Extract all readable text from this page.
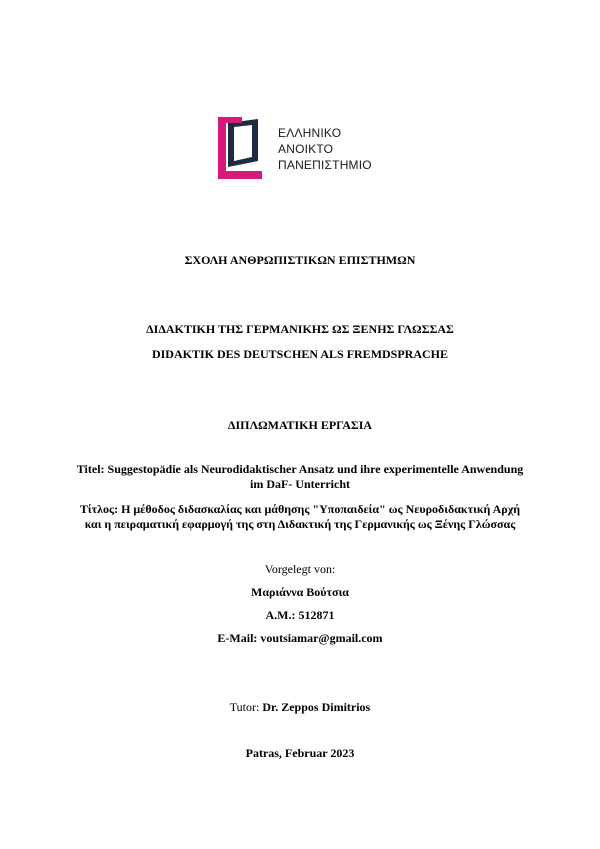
ΕΛΛΗΝΙΚΟ
ΑΝΟΙΚΤΟ
ΠΑΝΕΠΙΣΤΗΜΙΟ
ΣΧΟΛΗ ΑΝΘΡΩΠΙΣΤΙΚΩΝ ΕΠΙΣΤΗΜΩΝ
ΔΙΔΑΚΤΙΚΗ ΤΗΣ ΓΕΡΜΑΝΙΚΗΣ ΩΣ ΞΕΝΗΣ ΓΛΩΣΣΑΣ
DIDAKTIK DES DEUTSCHEN ALS FREMDSPRACHE
ΔΙΠΛΩΜΑΤΙΚΗ ΕΡΓΑΣΙΑ
Titel: Suggestopädie als Neurodidaktischer Ansatz und ihre experimentelle Anwendung
im DaF- Unterricht
Τίτλος: Η μέθοδος διδασκαλίας και μάθησης "Υποπαιδεία" ως Νευροδιδακτική Αρχή
και η πειραματική εφαρμογή της στη Διδακτική της Γερμανικής ως Ξένης Γλώσσας
Vorgelegt von:
Μαριάννα Βούτσια
A.M.: 512871
E-Mail: voutsiamar@gmail.com
Tutor: Dr. Zeppos Dimitrios
Patras, Februar 2023
